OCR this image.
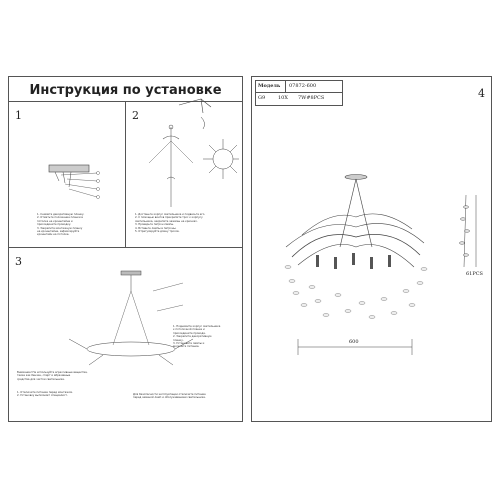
Инструкция по установке
1	2
3
1. Снимите декоративную планку.
2. Отметьте положение планки в
потолке на кронштейне и
присоедините проводку.
3. Закрепите монтажную планку
на кронштейне, зафиксируйте
кронштейн на потолке.
1. Достаньте корпус светильника и подвесьте его.
2. С помощью винтов прикрепите трос к корпусу
светильника, закрепите зажимы на крючках.
3. Проверьте патрон лампы.
4. Вставьте лампы в патроны.
5. Отрегулируйте длину тросов.
1. Поднимите корпус светильника
к потолочной планке и
присоедините провода.
2. Закрепите декоративную
планку.
3. Установите лампы и
включите питание.
Внимание! Не используйте агрессивные вещества,
такие как бензин, спирт и абразивные
средства для чистки светильника.
1. Отключите питание перед монтажом.
2. Установку выполняет специалист.	Для безопасности эксплуатации отключите питание
перед заменой ламп и обслуживанием светильника.
Модель 07872-600
G9	10X 7W#8PCS	4
600
61PCS
